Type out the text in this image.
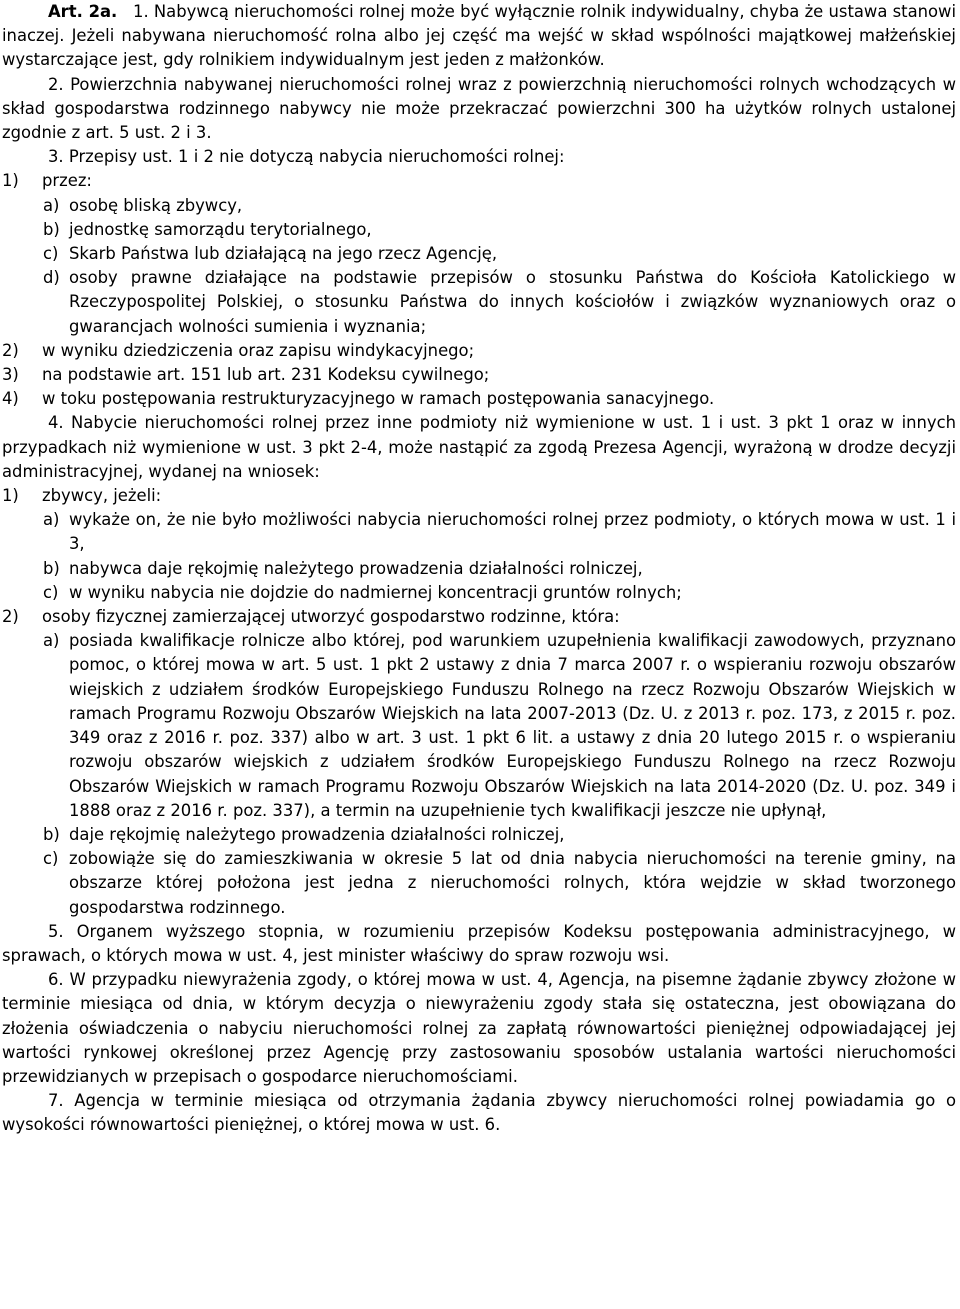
Art. 2a. 1. Nabywcą nieruchomości rolnej może być wyłącznie rolnik indywidualny, chyba że ustawa stanowi inaczej. Jeżeli nabywana nieruchomość rolna albo jej część ma wejść w skład wspólności majątkowej małżeńskiej wystarczające jest, gdy rolnikiem indywidualnym jest jeden z małżonków.

2. Powierzchnia nabywanej nieruchomości rolnej wraz z powierzchnią nieruchomości rolnych wchodzących w skład gospodarstwa rodzinnego nabywcy nie może przekraczać powierzchni 300 ha użytków rolnych ustalonej zgodnie z art. 5 ust. 2 i 3.

3. Przepisy ust. 1 i 2 nie dotyczą nabycia nieruchomości rolnej:

1)	przez:
a) osobę bliską zbywcy,
b) jednostkę samorządu terytorialnego,
c) Skarb Państwa lub działającą na jego rzecz Agencję,
d) osoby prawne działające na podstawie przepisów o stosunku Państwa do Kościoła Katolickiego w Rzeczypospolitej Polskiej, o stosunku Państwa do innych kościołów i związków wyznaniowych oraz o gwarancjach wolności sumienia i wyznania;
2)	w wyniku dziedziczenia oraz zapisu windykacyjnego;
3)	na podstawie art. 151 lub art. 231 Kodeksu cywilnego;
4)	w toku postępowania restrukturyzacyjnego w ramach postępowania sanacyjnego.

4. Nabycie nieruchomości rolnej przez inne podmioty niż wymienione w ust. 1 i ust. 3 pkt 1 oraz w innych przypadkach niż wymienione w ust. 3 pkt 2-4, może nastąpić za zgodą Prezesa Agencji, wyrażoną w drodze decyzji administracyjnej, wydanej na wniosek:

1)	zbywcy, jeżeli:
a) wykaże on, że nie było możliwości nabycia nieruchomości rolnej przez podmioty, o których mowa w ust. 1 i 3,
b) nabywca daje rękojmię należytego prowadzenia działalności rolniczej,
c) w wyniku nabycia nie dojdzie do nadmiernej koncentracji gruntów rolnych;
2)	osoby fizycznej zamierzającej utworzyć gospodarstwo rodzinne, która:
a) posiada kwalifikacje rolnicze albo której, pod warunkiem uzupełnienia kwalifikacji zawodowych, przyznano pomoc, o której mowa w art. 5 ust. 1 pkt 2 ustawy z dnia 7 marca 2007 r. o wspieraniu rozwoju obszarów wiejskich z udziałem środków Europejskiego Funduszu Rolnego na rzecz Rozwoju Obszarów Wiejskich w ramach Programu Rozwoju Obszarów Wiejskich na lata 2007-2013 (Dz. U. z 2013 r. poz. 173, z 2015 r. poz. 349 oraz z 2016 r. poz. 337) albo w art. 3 ust. 1 pkt 6 lit. a ustawy z dnia 20 lutego 2015 r. o wspieraniu rozwoju obszarów wiejskich z udziałem środków Europejskiego Funduszu Rolnego na rzecz Rozwoju Obszarów Wiejskich w ramach Programu Rozwoju Obszarów Wiejskich na lata 2014-2020 (Dz. U. poz. 349 i 1888 oraz z 2016 r. poz. 337), a termin na uzupełnienie tych kwalifikacji jeszcze nie upłynął,
b) daje rękojmię należytego prowadzenia działalności rolniczej,
c) zobowiąże się do zamieszkiwania w okresie 5 lat od dnia nabycia nieruchomości na terenie gminy, na obszarze której położona jest jedna z nieruchomości rolnych, która wejdzie w skład tworzonego gospodarstwa rodzinnego.

5. Organem wyższego stopnia, w rozumieniu przepisów Kodeksu postępowania administracyjnego, w sprawach, o których mowa w ust. 4, jest minister właściwy do spraw rozwoju wsi.

6. W przypadku niewyrażenia zgody, o której mowa w ust. 4, Agencja, na pisemne żądanie zbywcy złożone w terminie miesiąca od dnia, w którym decyzja o niewyrażeniu zgody stała się ostateczna, jest obowiązana do złożenia oświadczenia o nabyciu nieruchomości rolnej za zapłatą równowartości pieniężnej odpowiadającej jej wartości rynkowej określonej przez Agencję przy zastosowaniu sposobów ustalania wartości nieruchomości przewidzianych w przepisach o gospodarce nieruchomościami.

7. Agencja w terminie miesiąca od otrzymania żądania zbywcy nieruchomości rolnej powiadamia go o wysokości równowartości pieniężnej, o której mowa w ust. 6.
